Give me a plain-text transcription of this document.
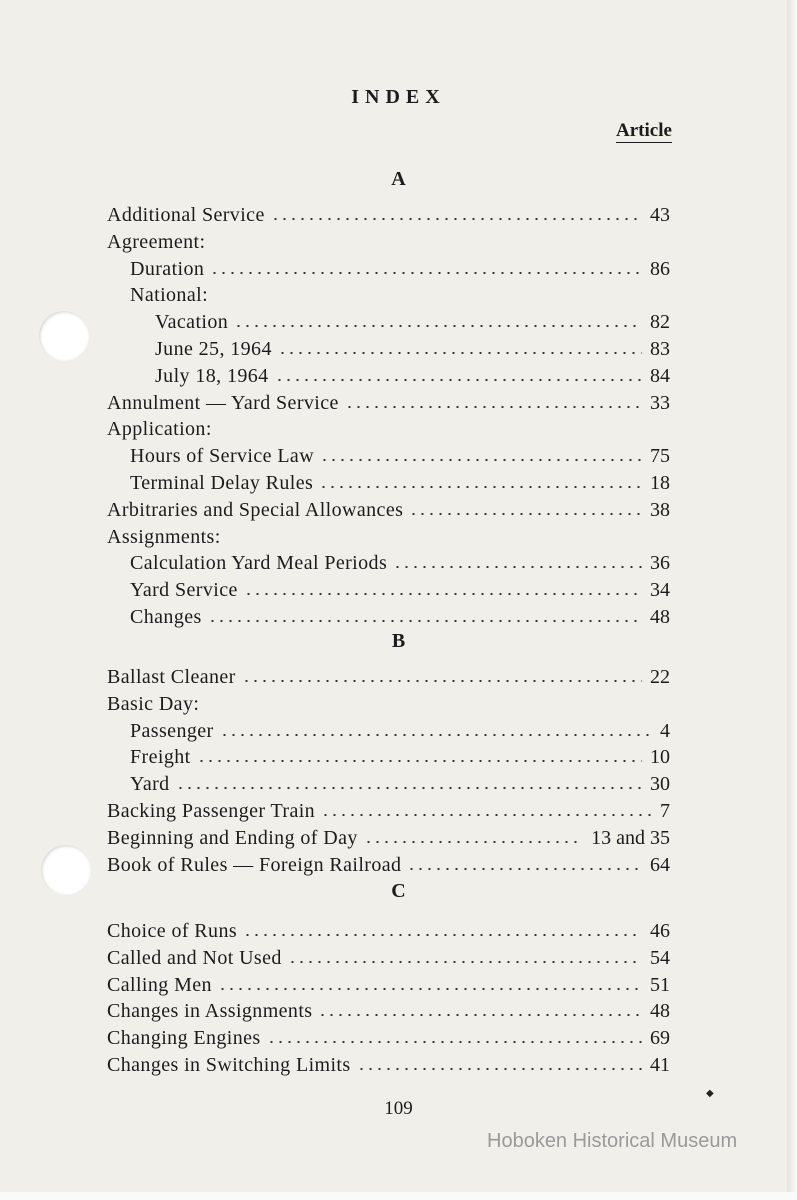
INDEX
Article
A
Additional Service	43
Agreement:
Duration	86
National:
Vacation	82
June 25, 1964	83
July 18, 1964	84
Annulment — Yard Service	33
Application:
Hours of Service Law	75
Terminal Delay Rules	18
Arbitraries and Special Allowances	38
Assignments:
Calculation Yard Meal Periods	36
Yard Service	34
Changes	48
B
Ballast Cleaner	22
Basic Day:
Passenger	4
Freight	10
Yard	30
Backing Passenger Train	7
Beginning and Ending of Day	13 and 35
Book of Rules — Foreign Railroad	64
C
Choice of Runs	46
Called and Not Used	54
Calling Men	51
Changes in Assignments	48
Changing Engines	69
Changes in Switching Limits	41
109
◆
Hoboken Historical Museum
